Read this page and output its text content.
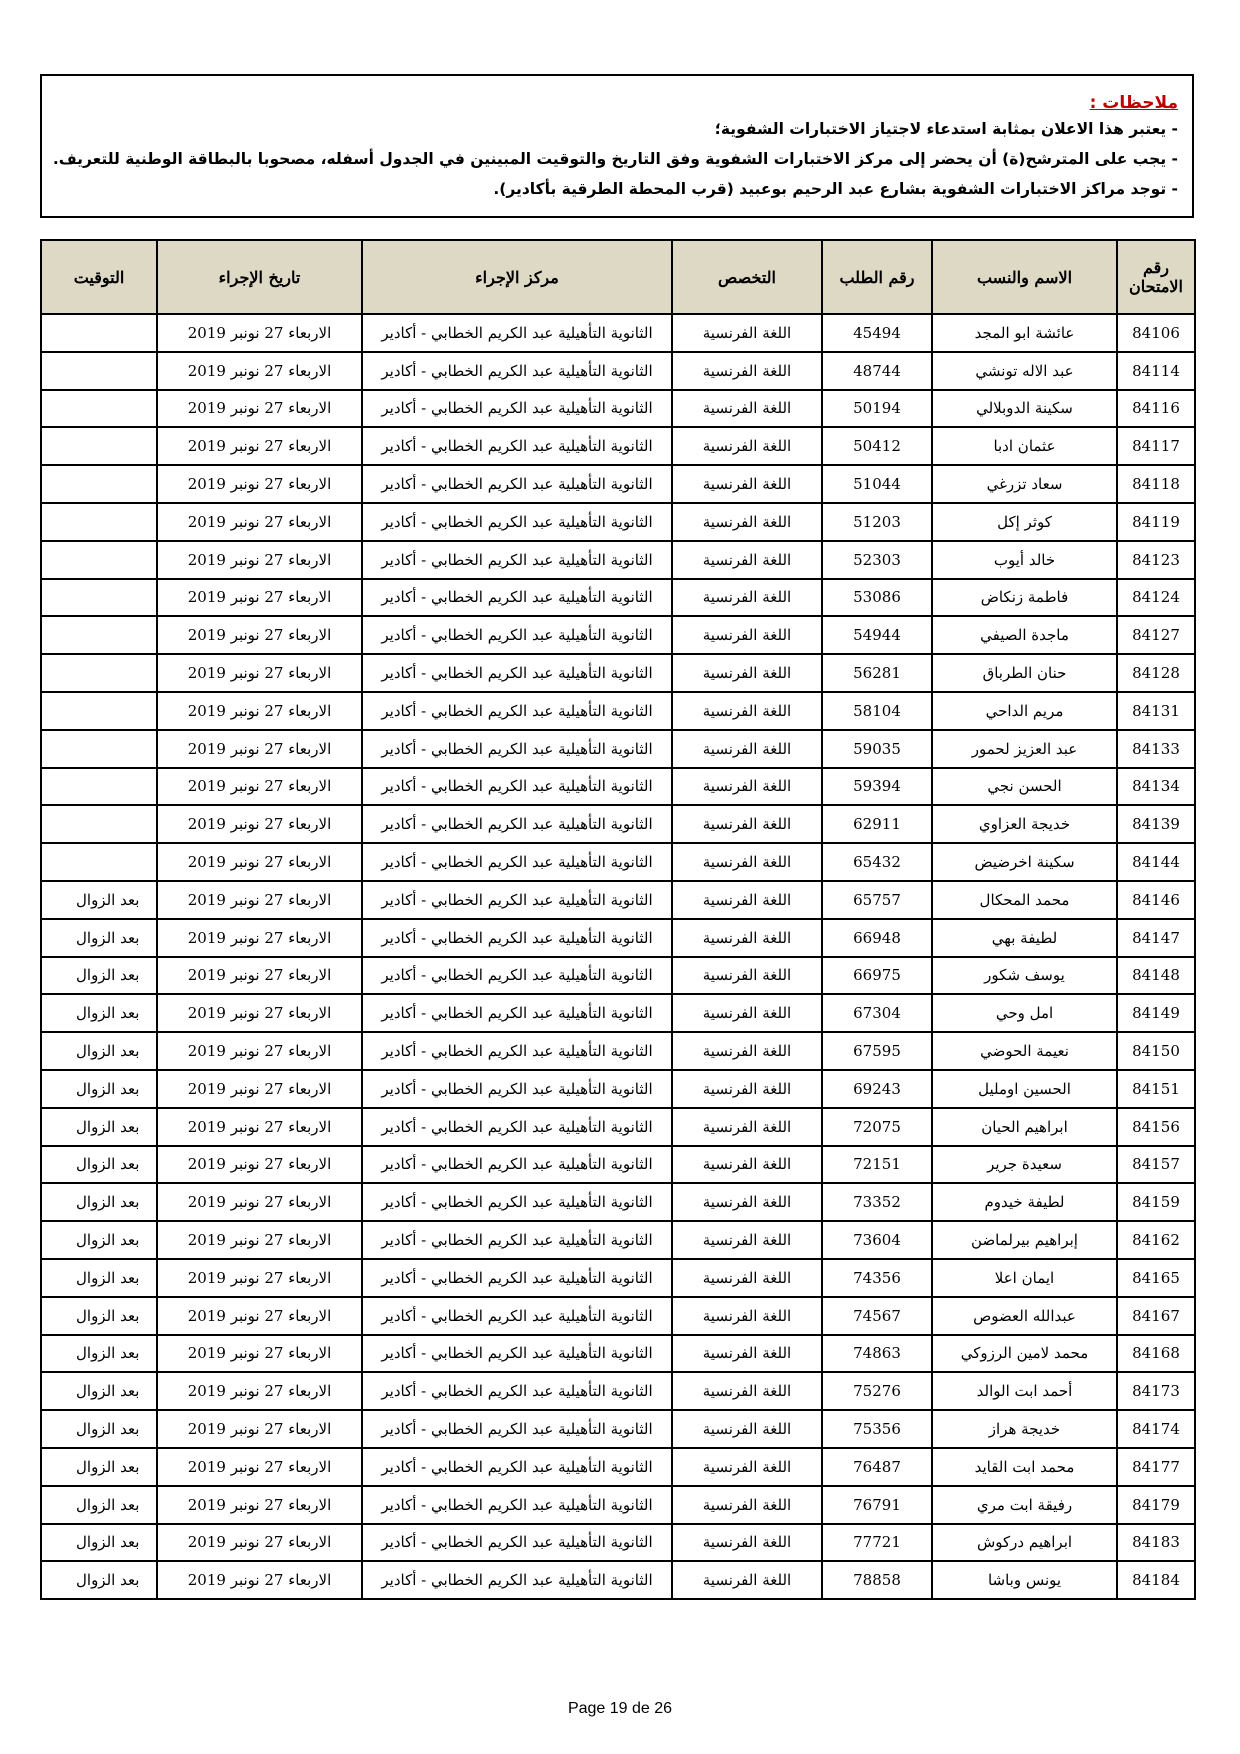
ملاحظات :
- يعتبر هذا الاعلان بمثابة استدعاء لاجتياز الاختبارات الشفوية؛
- يجب على المترشح(ة) أن يحضر إلى مركز الاختبارات الشفوية وفق التاريخ والتوقيت المبينين في الجدول أسفله، مصحوبا بالبطاقة الوطنية للتعريف.
- توجد مراكز الاختبارات الشفوية بشارع عبد الرحيم بوعبيد (قرب المحطة الطرقية بأكادير).
رقم
الامتحان	الاسم والنسب	رقم الطلب	التخصص	مركز الإجراء	تاريخ الإجراء	التوقيت
84106	عائشة ابو المجد	45494	اللغة الفرنسية	الثانوية التأهيلية عبد الكريم الخطابي - أكادير	الاربعاء 27 نونبر 2019	
84114	عبد الاله تونشي	48744	اللغة الفرنسية	الثانوية التأهيلية عبد الكريم الخطابي - أكادير	الاربعاء 27 نونبر 2019	
84116	سكينة الدوبلالي	50194	اللغة الفرنسية	الثانوية التأهيلية عبد الكريم الخطابي - أكادير	الاربعاء 27 نونبر 2019	
84117	عثمان ادبا	50412	اللغة الفرنسية	الثانوية التأهيلية عبد الكريم الخطابي - أكادير	الاربعاء 27 نونبر 2019	
84118	سعاد تزرغي	51044	اللغة الفرنسية	الثانوية التأهيلية عبد الكريم الخطابي - أكادير	الاربعاء 27 نونبر 2019	
84119	كوثر إكل	51203	اللغة الفرنسية	الثانوية التأهيلية عبد الكريم الخطابي - أكادير	الاربعاء 27 نونبر 2019	
84123	خالد أيوب	52303	اللغة الفرنسية	الثانوية التأهيلية عبد الكريم الخطابي - أكادير	الاربعاء 27 نونبر 2019	
84124	فاطمة زنكاض	53086	اللغة الفرنسية	الثانوية التأهيلية عبد الكريم الخطابي - أكادير	الاربعاء 27 نونبر 2019	
84127	ماجدة الصيفي	54944	اللغة الفرنسية	الثانوية التأهيلية عبد الكريم الخطابي - أكادير	الاربعاء 27 نونبر 2019	
84128	حنان الطرباق	56281	اللغة الفرنسية	الثانوية التأهيلية عبد الكريم الخطابي - أكادير	الاربعاء 27 نونبر 2019	
84131	مريم الداحي	58104	اللغة الفرنسية	الثانوية التأهيلية عبد الكريم الخطابي - أكادير	الاربعاء 27 نونبر 2019	
84133	عبد العزيز لحمور	59035	اللغة الفرنسية	الثانوية التأهيلية عبد الكريم الخطابي - أكادير	الاربعاء 27 نونبر 2019	
84134	الحسن نجي	59394	اللغة الفرنسية	الثانوية التأهيلية عبد الكريم الخطابي - أكادير	الاربعاء 27 نونبر 2019	
84139	خديجة العزاوي	62911	اللغة الفرنسية	الثانوية التأهيلية عبد الكريم الخطابي - أكادير	الاربعاء 27 نونبر 2019	
84144	سكينة اخرضيض	65432	اللغة الفرنسية	الثانوية التأهيلية عبد الكريم الخطابي - أكادير	الاربعاء 27 نونبر 2019	
84146	محمد المحكال	65757	اللغة الفرنسية	الثانوية التأهيلية عبد الكريم الخطابي - أكادير	الاربعاء 27 نونبر 2019	بعد الزوال
84147	لطيفة بهي	66948	اللغة الفرنسية	الثانوية التأهيلية عبد الكريم الخطابي - أكادير	الاربعاء 27 نونبر 2019	بعد الزوال
84148	يوسف شكور	66975	اللغة الفرنسية	الثانوية التأهيلية عبد الكريم الخطابي - أكادير	الاربعاء 27 نونبر 2019	بعد الزوال
84149	امل وحي	67304	اللغة الفرنسية	الثانوية التأهيلية عبد الكريم الخطابي - أكادير	الاربعاء 27 نونبر 2019	بعد الزوال
84150	نعيمة الحوضي	67595	اللغة الفرنسية	الثانوية التأهيلية عبد الكريم الخطابي - أكادير	الاربعاء 27 نونبر 2019	بعد الزوال
84151	الحسين اومليل	69243	اللغة الفرنسية	الثانوية التأهيلية عبد الكريم الخطابي - أكادير	الاربعاء 27 نونبر 2019	بعد الزوال
84156	ابراهيم الحيان	72075	اللغة الفرنسية	الثانوية التأهيلية عبد الكريم الخطابي - أكادير	الاربعاء 27 نونبر 2019	بعد الزوال
84157	سعيدة جرير	72151	اللغة الفرنسية	الثانوية التأهيلية عبد الكريم الخطابي - أكادير	الاربعاء 27 نونبر 2019	بعد الزوال
84159	لطيفة خيدوم	73352	اللغة الفرنسية	الثانوية التأهيلية عبد الكريم الخطابي - أكادير	الاربعاء 27 نونبر 2019	بعد الزوال
84162	إبراهيم بيرلماضن	73604	اللغة الفرنسية	الثانوية التأهيلية عبد الكريم الخطابي - أكادير	الاربعاء 27 نونبر 2019	بعد الزوال
84165	ايمان اعلا	74356	اللغة الفرنسية	الثانوية التأهيلية عبد الكريم الخطابي - أكادير	الاربعاء 27 نونبر 2019	بعد الزوال
84167	عبدالله العضوص	74567	اللغة الفرنسية	الثانوية التأهيلية عبد الكريم الخطابي - أكادير	الاربعاء 27 نونبر 2019	بعد الزوال
84168	محمد لامين الرزوكي	74863	اللغة الفرنسية	الثانوية التأهيلية عبد الكريم الخطابي - أكادير	الاربعاء 27 نونبر 2019	بعد الزوال
84173	أحمد ابت الوالد	75276	اللغة الفرنسية	الثانوية التأهيلية عبد الكريم الخطابي - أكادير	الاربعاء 27 نونبر 2019	بعد الزوال
84174	خديجة هراز	75356	اللغة الفرنسية	الثانوية التأهيلية عبد الكريم الخطابي - أكادير	الاربعاء 27 نونبر 2019	بعد الزوال
84177	محمد ابت القايد	76487	اللغة الفرنسية	الثانوية التأهيلية عبد الكريم الخطابي - أكادير	الاربعاء 27 نونبر 2019	بعد الزوال
84179	رفيقة ابت مري	76791	اللغة الفرنسية	الثانوية التأهيلية عبد الكريم الخطابي - أكادير	الاربعاء 27 نونبر 2019	بعد الزوال
84183	ابراهيم دركوش	77721	اللغة الفرنسية	الثانوية التأهيلية عبد الكريم الخطابي - أكادير	الاربعاء 27 نونبر 2019	بعد الزوال
84184	يونس وباشا	78858	اللغة الفرنسية	الثانوية التأهيلية عبد الكريم الخطابي - أكادير	الاربعاء 27 نونبر 2019	بعد الزوال
Page 19 de 26
